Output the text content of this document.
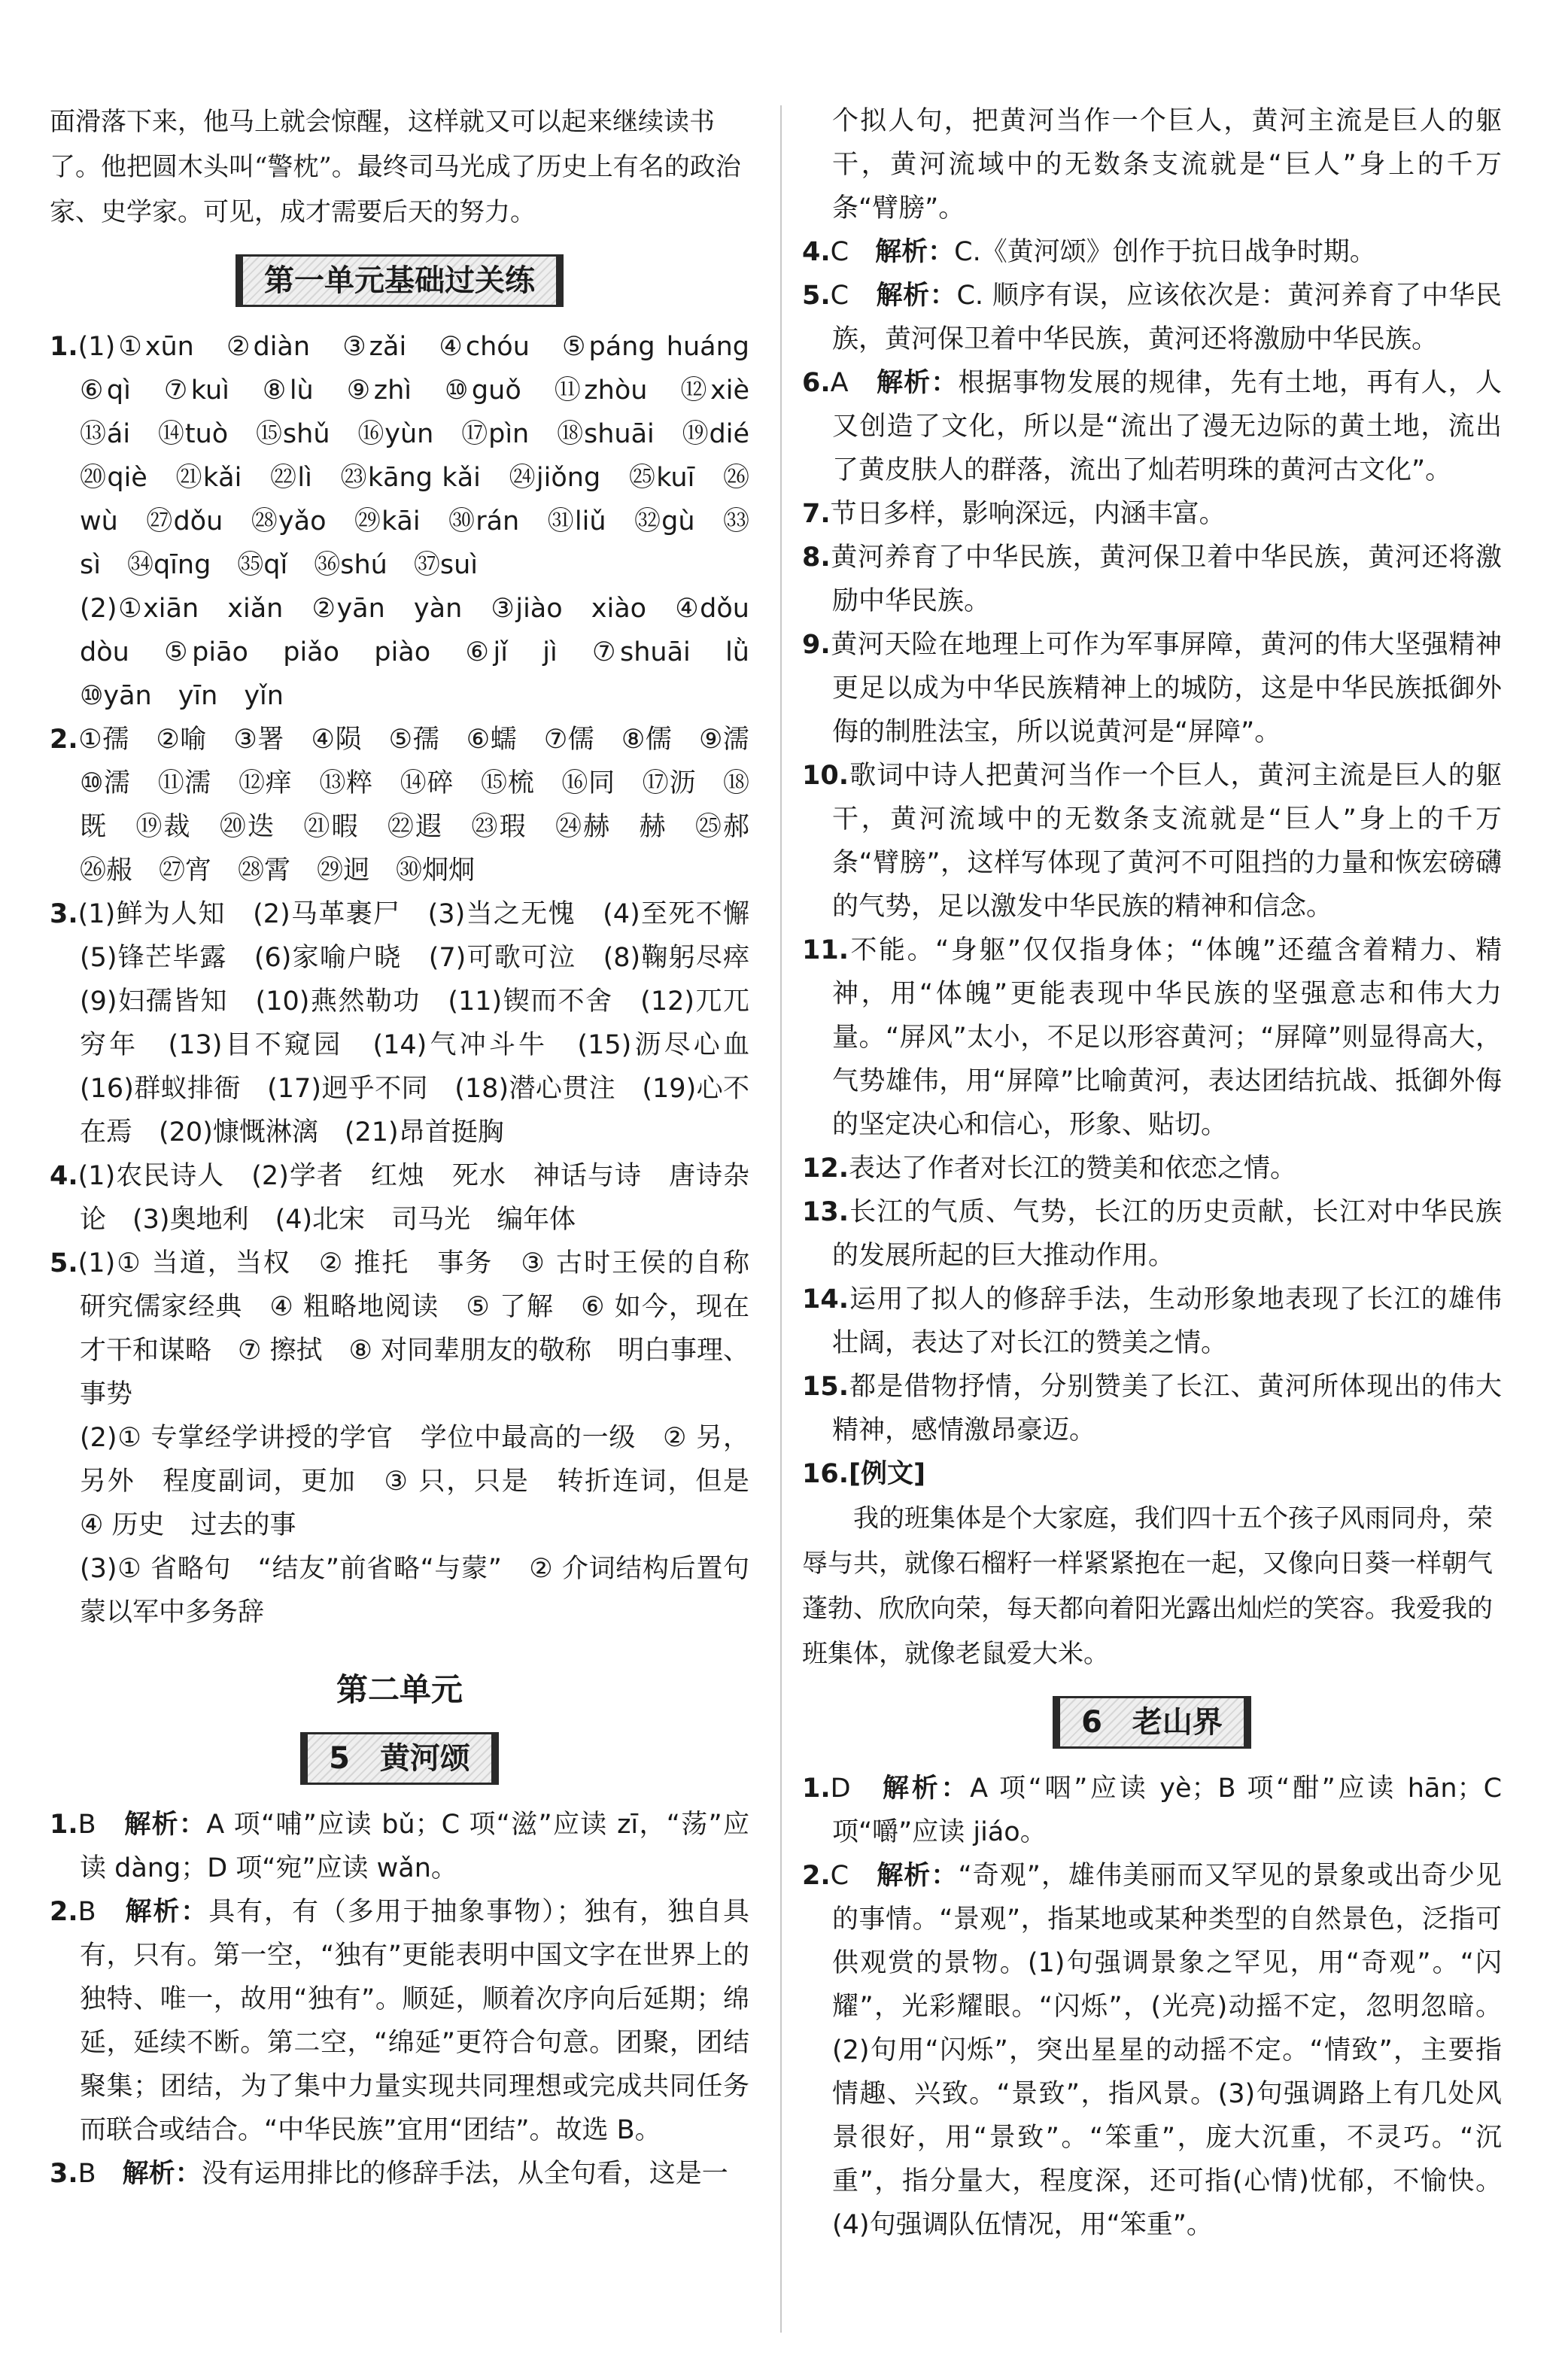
面滑落下来，他马上就会惊醒，这样就又可以起来继续读书了。他把圆木头叫“警枕”。最终司马光成了历史上有名的政治家、史学家。可见，成才需要后天的努力。

第一单元基础过关练
1.(1)①xūn　②diàn　③zǎi　④chóu　⑤páng huáng　⑥qì　⑦kuì　⑧lù　⑨zhì　⑩guǒ　⑪zhòu　⑫xiè　⑬ái　⑭tuò　⑮shǔ　⑯yùn　⑰pìn　⑱shuāi　⑲dié　⑳qiè　㉑kǎi　㉒lì　㉓kāng kǎi　㉔jiǒng　㉕kuī　㉖wù　㉗dǒu　㉘yǎo　㉙kāi　㉚rán　㉛liǔ　㉜gù　㉝sì　㉞qīng　㉟qǐ　㊱shú　㊲suì
(2)①xiān　xiǎn　②yān　yàn　③jiào　xiào　④dǒu　dòu　⑤piāo　piǎo　piào　⑥jǐ　jì　⑦shuāi　lǜ　⑩yān　yīn　yǐn
2.①孺　②喻　③署　④陨　⑤孺　⑥蠕　⑦儒　⑧儒　⑨濡　⑩濡　⑪濡　⑫痒　⑬粹　⑭碎　⑮梳　⑯同　⑰沥　⑱既　⑲裁　⑳迭　㉑暇　㉒遐　㉓瑕　㉔赫　赫　㉕郝　㉖赧　㉗宵　㉘霄　㉙迥　㉚炯炯
3.(1)鲜为人知　(2)马革裹尸　(3)当之无愧　(4)至死不懈　(5)锋芒毕露　(6)家喻户晓　(7)可歌可泣　(8)鞠躬尽瘁　(9)妇孺皆知　(10)燕然勒功　(11)锲而不舍　(12)兀兀穷年　(13)目不窥园　(14)气冲斗牛　(15)沥尽心血　(16)群蚁排衙　(17)迥乎不同　(18)潜心贯注　(19)心不在焉　(20)慷慨淋漓　(21)昂首挺胸
4.(1)农民诗人　(2)学者　红烛　死水　神话与诗　唐诗杂论　(3)奥地利　(4)北宋　司马光　编年体
5.(1)① 当道，当权　② 推托　事务　③ 古时王侯的自称　研究儒家经典　④ 粗略地阅读　⑤ 了解　⑥ 如今，现在　才干和谋略　⑦ 擦拭　⑧ 对同辈朋友的敬称　明白事理、事势
(2)① 专掌经学讲授的学官　学位中最高的一级　② 另，另外　程度副词，更加　③ 只，只是　转折连词，但是　④ 历史　过去的事
(3)① 省略句　“结友”前省略“与蒙”　② 介词结构后置句　蒙以军中多务辞
第二单元
5　黄河颂
1.B　解析：A 项“哺”应读 bǔ；C 项“滋”应读 zī，“荡”应读 dàng；D 项“宛”应读 wǎn。
2.B　解析：具有，有（多用于抽象事物）；独有，独自具有，只有。第一空，“独有”更能表明中国文字在世界上的独特、唯一，故用“独有”。顺延，顺着次序向后延期；绵延，延续不断。第二空，“绵延”更符合句意。团聚，团结聚集；团结，为了集中力量实现共同理想或完成共同任务而联合或结合。“中华民族”宜用“团结”。故选 B。
3.B　解析：没有运用排比的修辞手法，从全句看，这是一
个拟人句，把黄河当作一个巨人，黄河主流是巨人的躯干，黄河流域中的无数条支流就是“巨人”身上的千万条“臂膀”。
4.C　解析：C.《黄河颂》创作于抗日战争时期。
5.C　解析：C. 顺序有误，应该依次是：黄河养育了中华民族，黄河保卫着中华民族，黄河还将激励中华民族。
6.A　解析：根据事物发展的规律，先有土地，再有人，人又创造了文化，所以是“流出了漫无边际的黄土地，流出了黄皮肤人的群落，流出了灿若明珠的黄河古文化”。
7.节日多样，影响深远，内涵丰富。
8.黄河养育了中华民族，黄河保卫着中华民族，黄河还将激励中华民族。
9.黄河天险在地理上可作为军事屏障，黄河的伟大坚强精神更足以成为中华民族精神上的城防，这是中华民族抵御外侮的制胜法宝，所以说黄河是“屏障”。
10.歌词中诗人把黄河当作一个巨人，黄河主流是巨人的躯干，黄河流域中的无数条支流就是“巨人”身上的千万条“臂膀”，这样写体现了黄河不可阻挡的力量和恢宏磅礴的气势，足以激发中华民族的精神和信念。
11.不能。“身躯”仅仅指身体；“体魄”还蕴含着精力、精神，用“体魄”更能表现中华民族的坚强意志和伟大力量。“屏风”太小，不足以形容黄河；“屏障”则显得高大，气势雄伟，用“屏障”比喻黄河，表达团结抗战、抵御外侮的坚定决心和信心，形象、贴切。
12.表达了作者对长江的赞美和依恋之情。
13.长江的气质、气势，长江的历史贡献，长江对中华民族的发展所起的巨大推动作用。
14.运用了拟人的修辞手法，生动形象地表现了长江的雄伟壮阔，表达了对长江的赞美之情。
15.都是借物抒情，分别赞美了长江、黄河所体现出的伟大精神，感情激昂豪迈。
16.[例文]

我的班集体是个大家庭，我们四十五个孩子风雨同舟，荣辱与共，就像石榴籽一样紧紧抱在一起，又像向日葵一样朝气蓬勃、欣欣向荣，每天都向着阳光露出灿烂的笑容。我爱我的班集体，就像老鼠爱大米。

6　老山界
1.D　解析：A 项“咽”应读 yè；B 项“酣”应读 hān；C 项“嚼”应读 jiáo。
2.C　解析：“奇观”，雄伟美丽而又罕见的景象或出奇少见的事情。“景观”，指某地或某种类型的自然景色，泛指可供观赏的景物。(1)句强调景象之罕见，用“奇观”。“闪耀”，光彩耀眼。“闪烁”，(光亮)动摇不定，忽明忽暗。(2)句用“闪烁”，突出星星的动摇不定。“情致”，主要指情趣、兴致。“景致”，指风景。(3)句强调路上有几处风景很好，用“景致”。“笨重”，庞大沉重，不灵巧。“沉重”，指分量大，程度深，还可指(心情)忧郁，不愉快。(4)句强调队伍情况，用“笨重”。
